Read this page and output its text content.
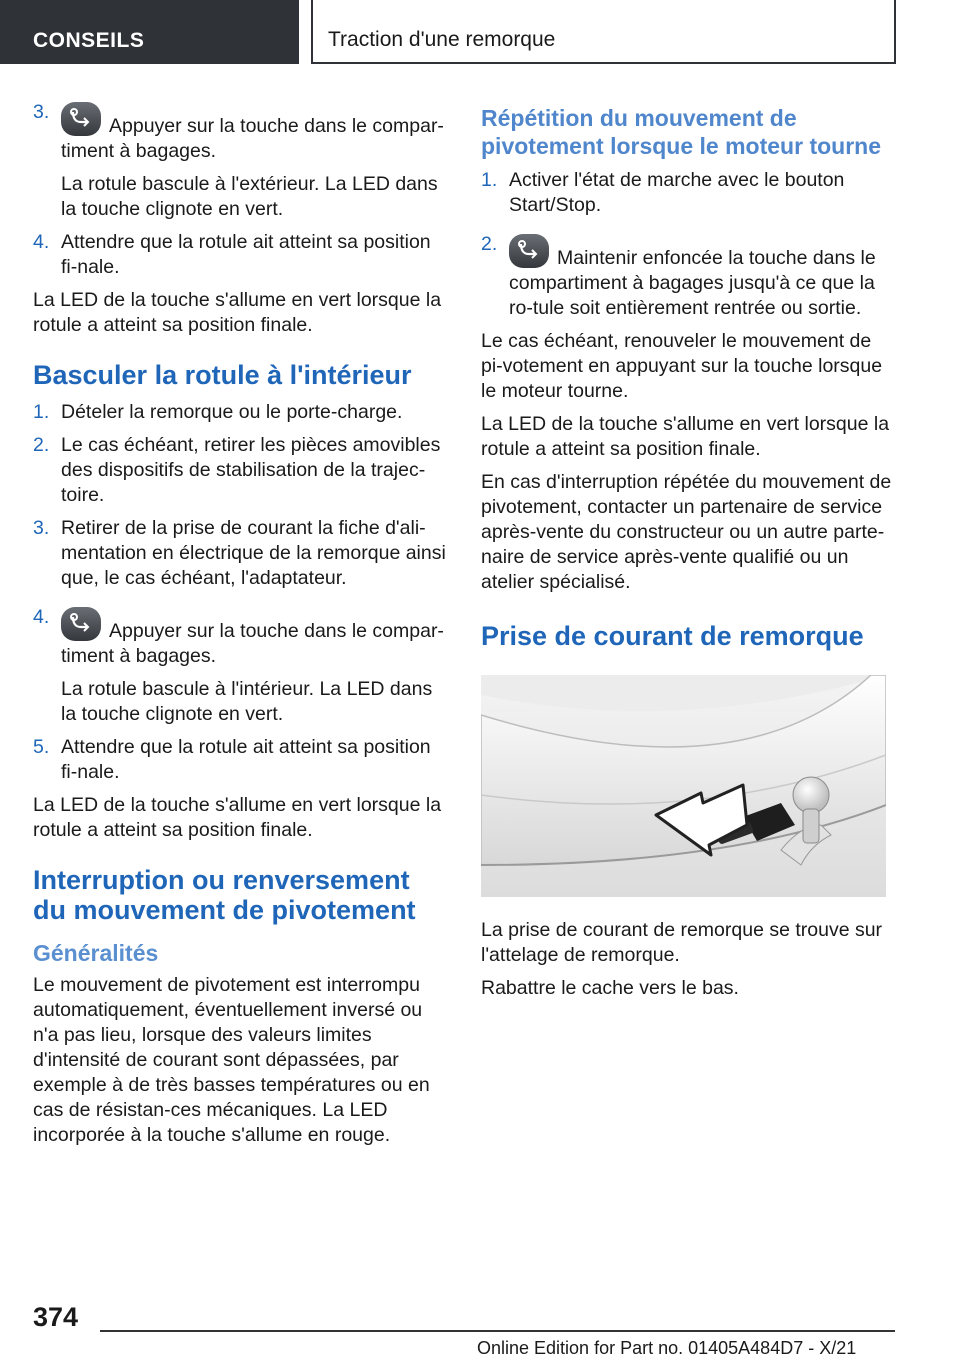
CONSEILS	Traction d'une remorque
3.
Appuyer sur la touche dans le compar-timent à bagages.
La rotule bascule à l'extérieur. La LED dans la touche clignote en vert.
4. Attendre que la rotule ait atteint sa position fi-nale.

La LED de la touche s'allume en vert lorsque la rotule a atteint sa position finale.

Basculer la rotule à l'intérieur
1. Dételer la remorque ou le porte-charge.
2. Le cas échéant, retirer les pièces amovibles des dispositifs de stabilisation de la trajec-toire.
3. Retirer de la prise de courant la fiche d'ali-mentation en électrique de la remorque ainsi que, le cas échéant, l'adaptateur.
4.
Appuyer sur la touche dans le compar-timent à bagages.
La rotule bascule à l'intérieur. La LED dans la touche clignote en vert.
5. Attendre que la rotule ait atteint sa position fi-nale.

La LED de la touche s'allume en vert lorsque la rotule a atteint sa position finale.

Interruption ou renversement du mouvement de pivotement
Généralités

Le mouvement de pivotement est interrompu automatiquement, éventuellement inversé ou n'a pas lieu, lorsque des valeurs limites d'intensité de courant sont dépassées, par exemple à de très basses températures ou en cas de résistan-ces mécaniques. La LED incorporée à la touche s'allume en rouge.

Répétition du mouvement de pivotement lorsque le moteur tourne
1. Activer l'état de marche avec le bouton Start/Stop.
2.
Maintenir enfoncée la touche dans le compartiment à bagages jusqu'à ce que la ro-tule soit entièrement rentrée ou sortie.

Le cas échéant, renouveler le mouvement de pi-votement en appuyant sur la touche lorsque le moteur tourne.

La LED de la touche s'allume en vert lorsque la rotule a atteint sa position finale.

En cas d'interruption répétée du mouvement de pivotement, contacter un partenaire de service après-vente du constructeur ou un autre parte-naire de service après-vente qualifié ou un atelier spécialisé.

Prise de courant de remorque

La prise de courant de remorque se trouve sur l'attelage de remorque.

Rabattre le cache vers le bas.

374
Online Edition for Part no. 01405A484D7 - X/21
